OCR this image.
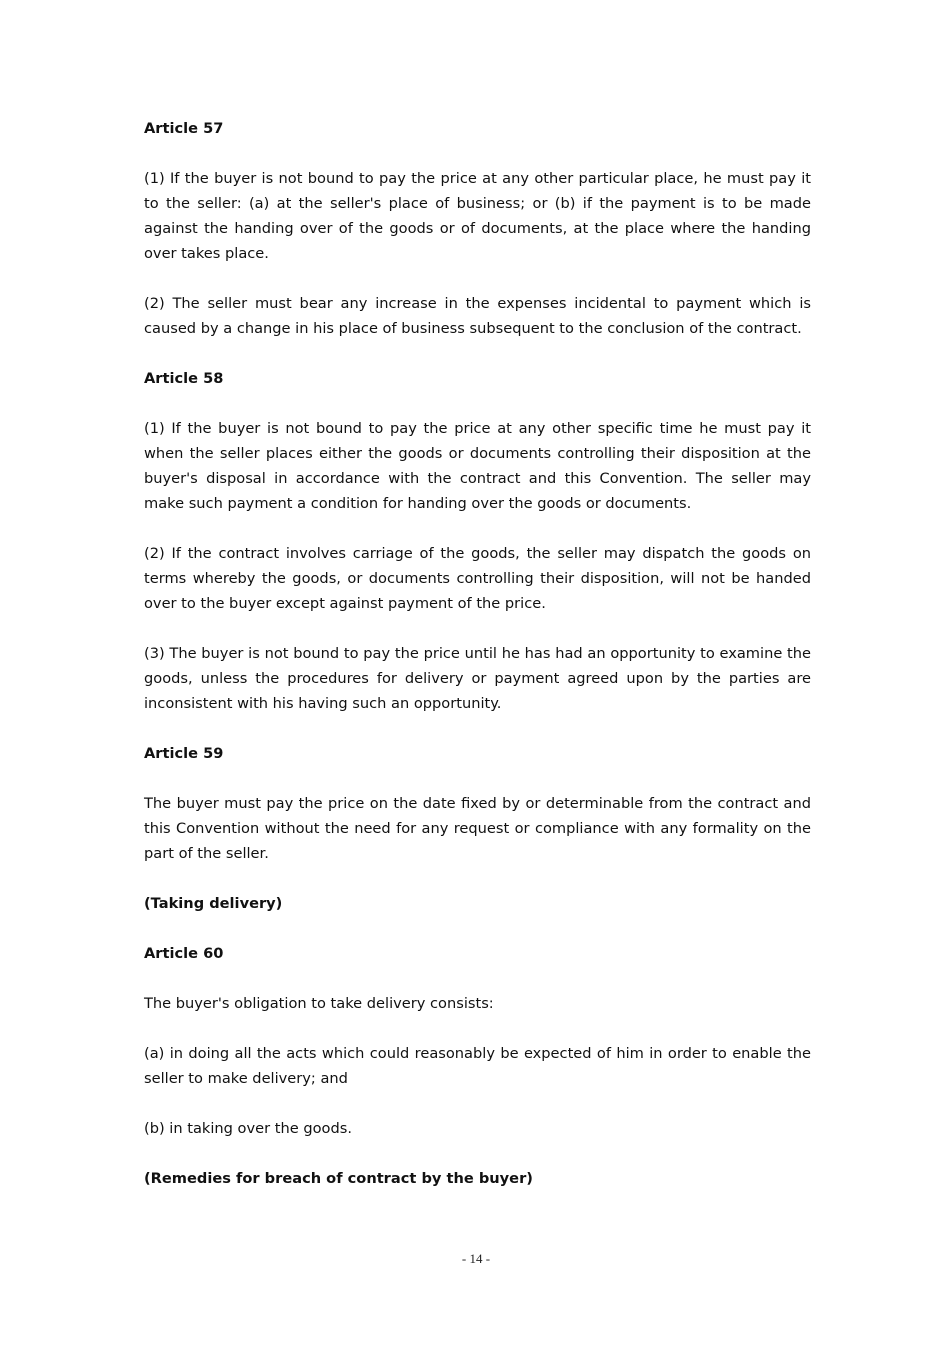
Article 57
(1) If the buyer is not bound to pay the price at any other particular place, he must pay it to the seller: (a) at the seller's place of business; or (b) if the payment is to be made against the handing over of the goods or of documents, at the place where the handing over takes place.
(2) The seller must bear any increase in the expenses incidental to payment which is caused by a change in his place of business subsequent to the conclusion of the contract.
Article 58
(1) If the buyer is not bound to pay the price at any other specific time he must pay it when the seller places either the goods or documents controlling their disposition at the buyer's disposal in accordance with the contract and this Convention. The seller may make such payment a condition for handing over the goods or documents.
(2) If the contract involves carriage of the goods, the seller may dispatch the goods on terms whereby the goods, or documents controlling their disposition, will not be handed over to the buyer except against payment of the price.
(3) The buyer is not bound to pay the price until he has had an opportunity to examine the goods, unless the procedures for delivery or payment agreed upon by the parties are inconsistent with his having such an opportunity.
Article 59
The buyer must pay the price on the date fixed by or determinable from the contract and this Convention without the need for any request or compliance with any formality on the part of the seller.
(Taking delivery)
Article 60
The buyer's obligation to take delivery consists:
(a) in doing all the acts which could reasonably be expected of him in order to enable the seller to make delivery; and
(b) in taking over the goods.
(Remedies for breach of contract by the buyer)
- 14 -
